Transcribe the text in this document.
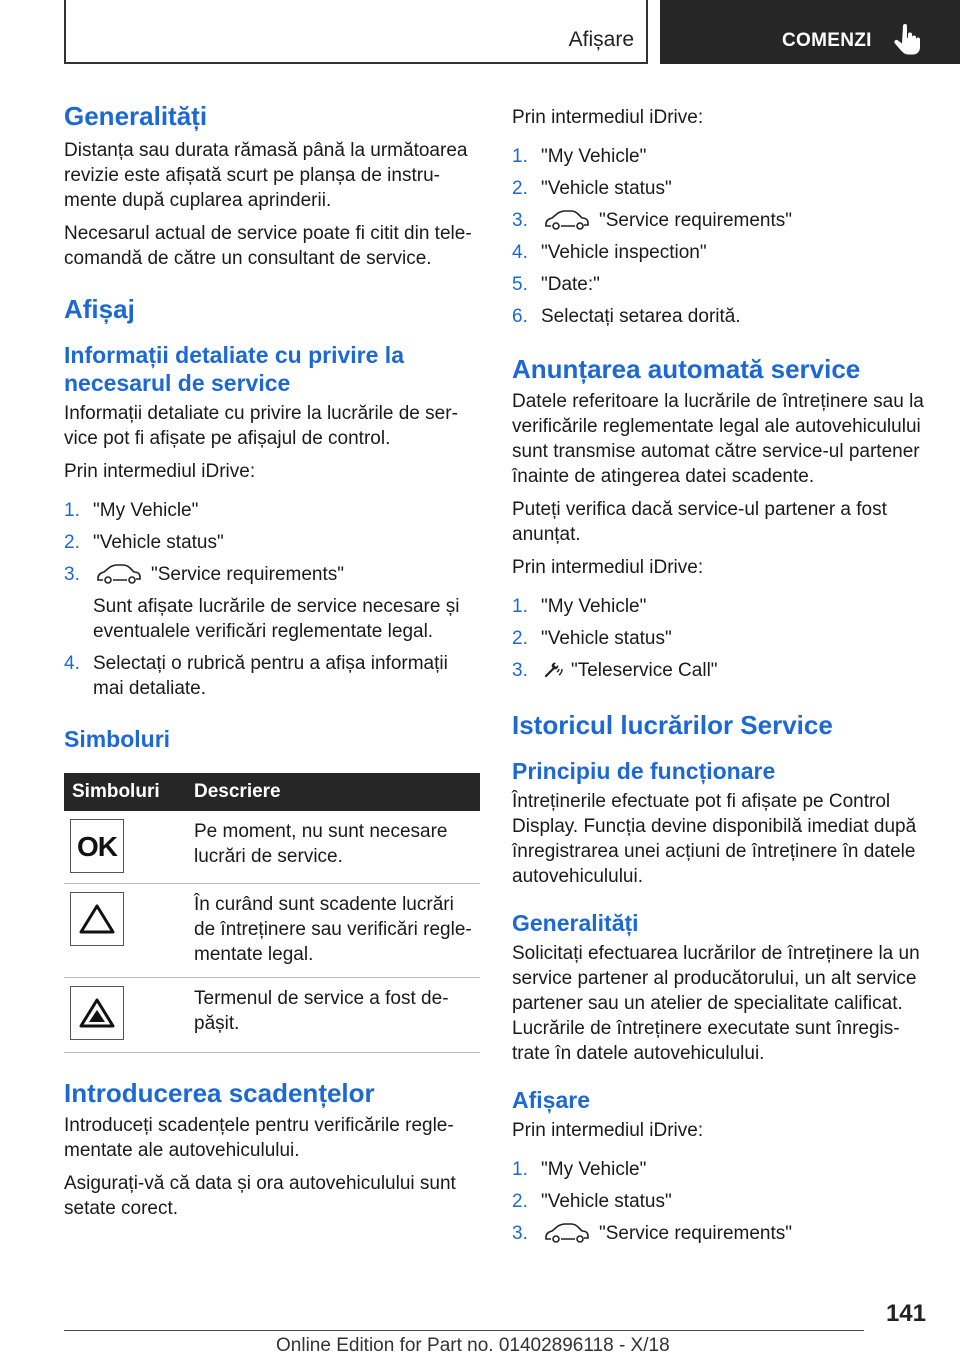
Afișare	COMENZI
Generalități

Distanța sau durata rămasă până la următoarea revizie este afișată scurt pe planșa de instrumente după cuplarea aprinderii.

Necesarul actual de service poate fi citit din telecomandă de către un consultant de service.

Afișaj
Informații detaliate cu privire la necesarul de service

Informații detaliate cu privire la lucrările de service pot fi afișate pe afișajul de control.

Prin intermediul iDrive:

1. "My Vehicle"
2. "Vehicle status"
3.	"Service requirements"
Sunt afișate lucrările de service necesare și eventualele verificări reglementate legal.
4. Selectați o rubrică pentru a afișa informații mai detaliate.
Simboluri
Simboluri	Descriere

OK	Pe moment, nu sunt necesare lucrări de service.

	În curând sunt scadente lucrări de întreținere sau verificări reglementate legal.

	Termenul de service a fost depășit.
Introducerea scadențelor

Introduceți scadențele pentru verificările reglementate ale autovehiculului.

Asigurați-vă că data și ora autovehiculului sunt setate corect.

Prin intermediul iDrive:

1. "My Vehicle"
2. "Vehicle status"
3.	"Service requirements"
4. "Vehicle inspection"
5. "Date:"
6. Selectați setarea dorită.
Anunțarea automată service

Datele referitoare la lucrările de întreținere sau la verificările reglementate legal ale autovehiculului sunt transmise automat către service-ul partener înainte de atingerea datei scadente.

Puteți verifica dacă service-ul partener a fost anunțat.

Prin intermediul iDrive:

1. "My Vehicle"
2. "Vehicle status"
3. "Teleservice Call"
Istoricul lucrărilor Service
Principiu de funcționare

Întreținerile efectuate pot fi afișate pe Control Display. Funcția devine disponibilă imediat după înregistrarea unei acțiuni de întreținere în datele autovehiculului.

Generalități

Solicitați efectuarea lucrărilor de întreținere la un service partener al producătorului, un alt service partener sau un atelier de specialitate calificat. Lucrările de întreținere executate sunt înregistrate în datele autovehiculului.

Afișare

Prin intermediul iDrive:

1. "My Vehicle"
2. "Vehicle status"
3.	"Service requirements"
141
Online Edition for Part no. 01402896118 - X/18
